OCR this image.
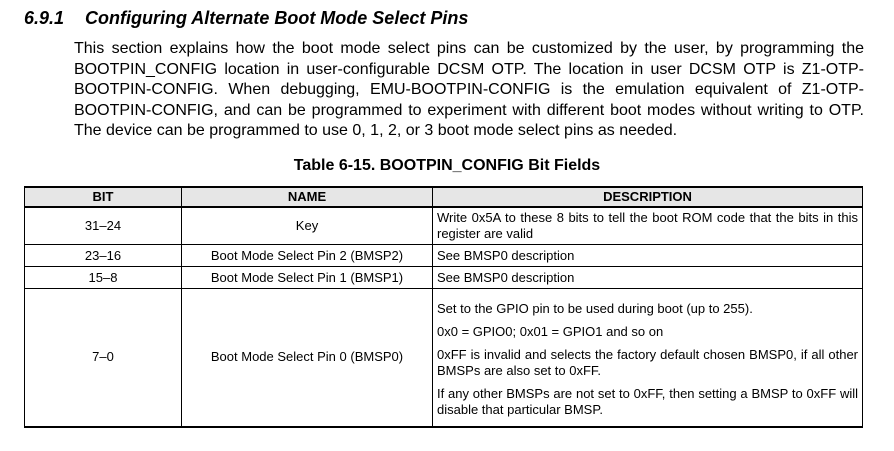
6.9.1 Configuring Alternate Boot Mode Select Pins

This section explains how the boot mode select pins can be customized by the user, by programming the BOOTPIN_CONFIG location in user-configurable DCSM OTP. The location in user DCSM OTP is Z1-OTP-BOOTPIN-CONFIG. When debugging, EMU-BOOTPIN-CONFIG is the emulation equivalent of Z1-OTP-BOOTPIN-CONFIG, and can be programmed to experiment with different boot modes without writing to OTP. The device can be programmed to use 0, 1, 2, or 3 boot mode select pins as needed.

Table 6-15. BOOTPIN_CONFIG Bit Fields

BIT	NAME	DESCRIPTION
31–24	Key	Write 0x5A to these 8 bits to tell the boot ROM code that the bits in this register are valid
23–16	Boot Mode Select Pin 2 (BMSP2)	See BMSP0 description
15–8	Boot Mode Select Pin 1 (BMSP1)	See BMSP0 description
7–0	Boot Mode Select Pin 0 (BMSP0)	Set to the GPIO pin to be used during boot (up to 255).
0x0 = GPIO0; 0x01 = GPIO1 and so on
0xFF is invalid and selects the factory default chosen BMSP0, if all other BMSPs are also set to 0xFF.
If any other BMSPs are not set to 0xFF, then setting a BMSP to 0xFF will disable that particular BMSP.
